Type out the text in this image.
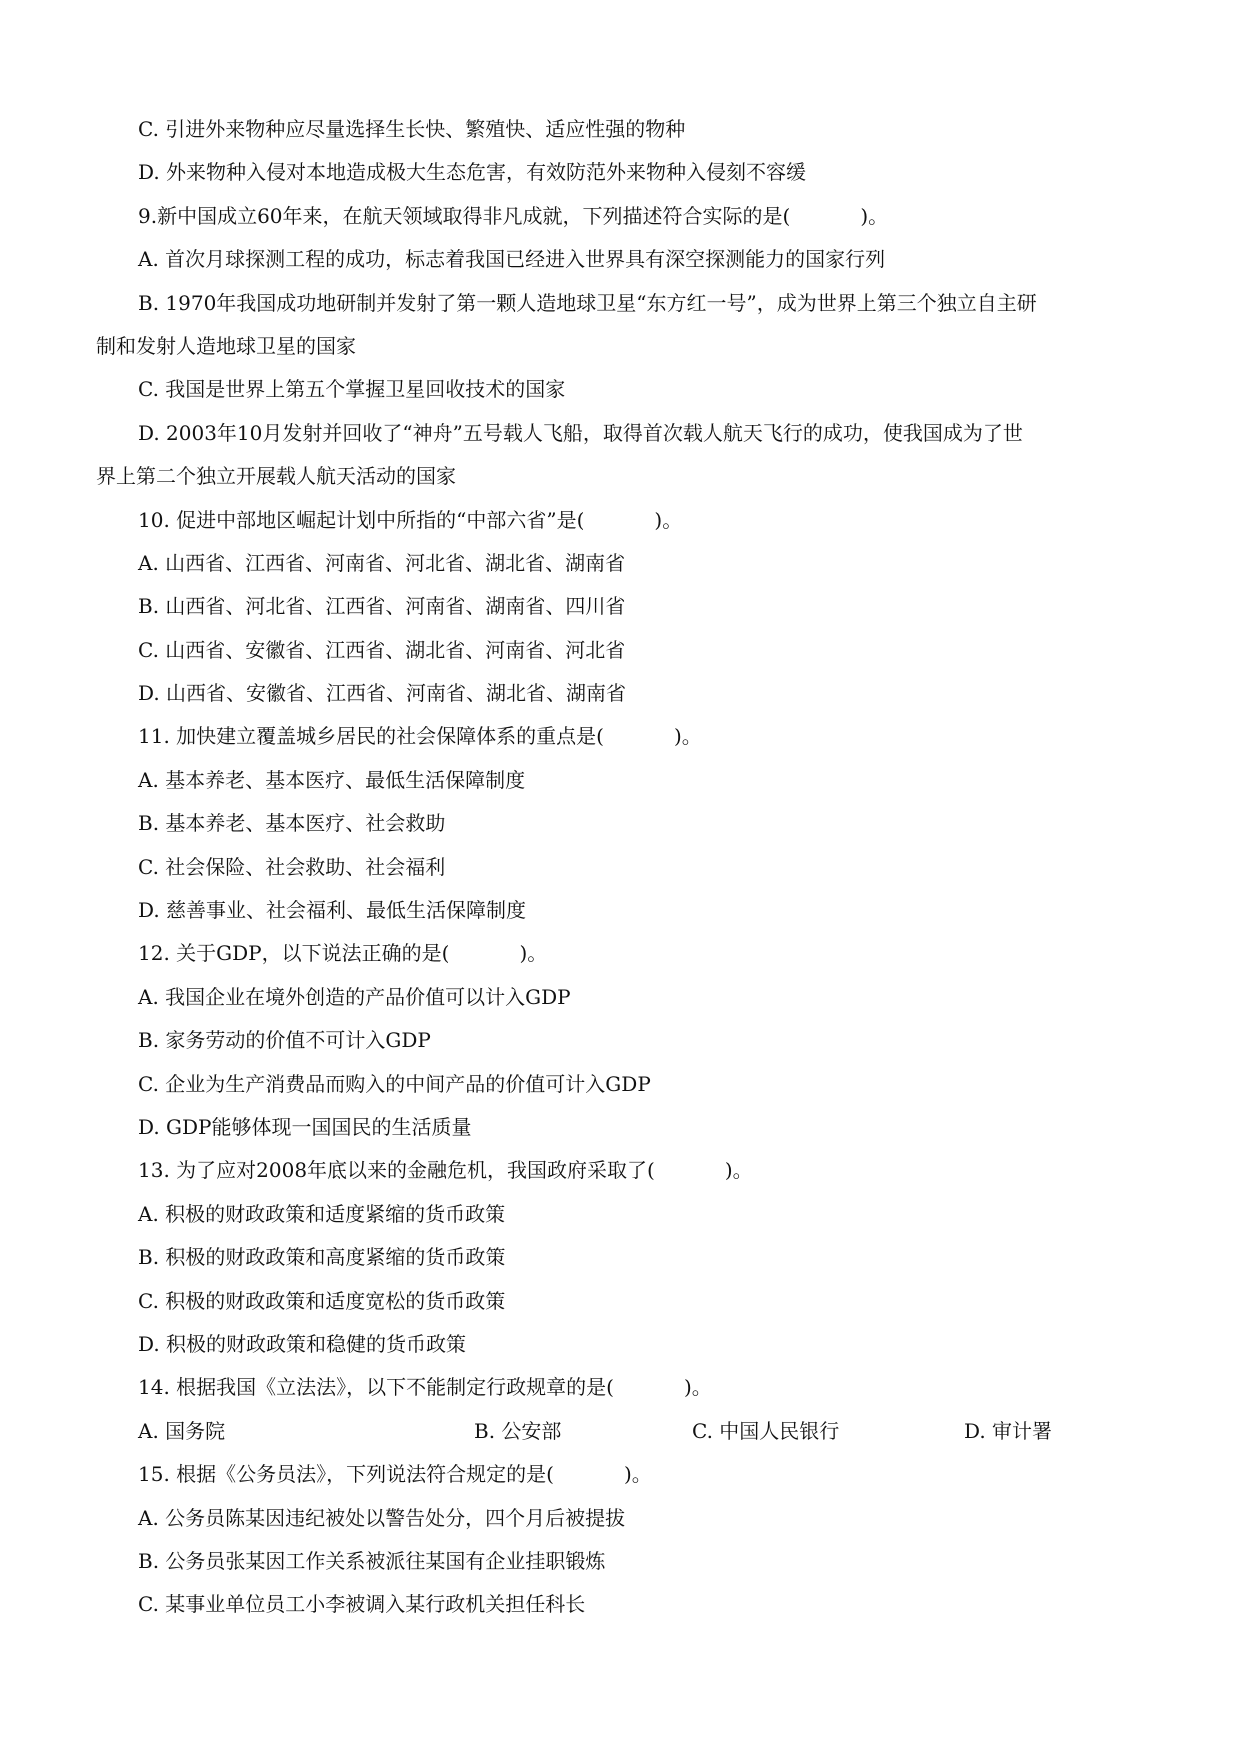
C. 引进外来物种应尽量选择生长快、繁殖快、适应性强的物种

D. 外来物种入侵对本地造成极大生态危害，有效防范外来物种入侵刻不容缓

9.新中国成立60年来，在航天领域取得非凡成就，下列描述符合实际的是(	)。

A. 首次月球探测工程的成功，标志着我国已经进入世界具有深空探测能力的国家行列

B. 1970年我国成功地研制并发射了第一颗人造地球卫星“东方红一号”，成为世界上第三个独立自主研

制和发射人造地球卫星的国家

C. 我国是世界上第五个掌握卫星回收技术的国家

D. 2003年10月发射并回收了“神舟”五号载人飞船，取得首次载人航天飞行的成功，使我国成为了世

界上第二个独立开展载人航天活动的国家

10. 促进中部地区崛起计划中所指的“中部六省”是(	)。

A. 山西省、江西省、河南省、河北省、湖北省、湖南省

B. 山西省、河北省、江西省、河南省、湖南省、四川省

C. 山西省、安徽省、江西省、湖北省、河南省、河北省

D. 山西省、安徽省、江西省、河南省、湖北省、湖南省

11. 加快建立覆盖城乡居民的社会保障体系的重点是(	)。

A. 基本养老、基本医疗、最低生活保障制度

B. 基本养老、基本医疗、社会救助

C. 社会保险、社会救助、社会福利

D. 慈善事业、社会福利、最低生活保障制度

12. 关于GDP，以下说法正确的是(	)。

A. 我国企业在境外创造的产品价值可以计入GDP

B. 家务劳动的价值不可计入GDP

C. 企业为生产消费品而购入的中间产品的价值可计入GDP

D. GDP能够体现一国国民的生活质量

13. 为了应对2008年底以来的金融危机，我国政府采取了(	)。

A. 积极的财政政策和适度紧缩的货币政策

B. 积极的财政政策和高度紧缩的货币政策

C. 积极的财政政策和适度宽松的货币政策

D. 积极的财政政策和稳健的货币政策

14. 根据我国《立法法》，以下不能制定行政规章的是(	)。

A. 国务院	B. 公安部	C. 中国人民银行	D. 审计署

15. 根据《公务员法》，下列说法符合规定的是(	)。

A. 公务员陈某因违纪被处以警告处分，四个月后被提拔

B. 公务员张某因工作关系被派往某国有企业挂职锻炼

C. 某事业单位员工小李被调入某行政机关担任科长
